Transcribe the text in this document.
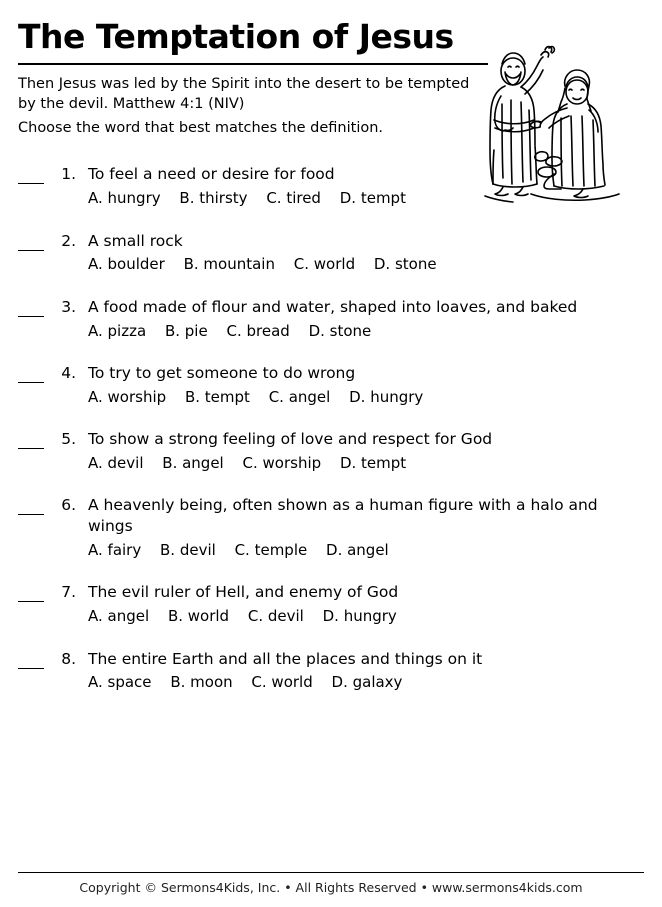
The Temptation of Jesus

Then Jesus was led by the Spirit into the desert to be tempted by the devil. Matthew 4:1 (NIV)

Choose the word that best matches the definition.

1. To feel a need or desire for food
A. hungry B. thirsty C. tired D. tempt
2. A small rock
A. boulder B. mountain C. world D. stone
3. A food made of flour and water, shaped into loaves, and baked
A. pizza B. pie C. bread D. stone
4. To try to get someone to do wrong
A. worship B. tempt C. angel D. hungry
5. To show a strong feeling of love and respect for God
A. devil B. angel C. worship D. tempt
6. A heavenly being, often shown as a human figure with a halo and wings
A. fairy B. devil C. temple D. angel
7. The evil ruler of Hell, and enemy of God
A. angel B. world C. devil D. hungry
8. The entire Earth and all the places and things on it
A. space B. moon C. world D. galaxy
Copyright © Sermons4Kids, Inc. • All Rights Reserved • www.sermons4kids.com
